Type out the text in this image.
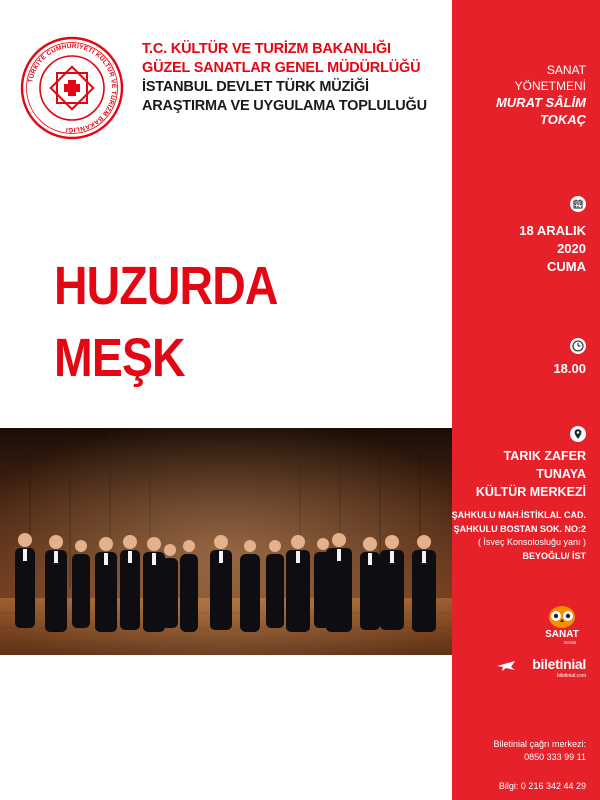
TÜRKİYE CUMHURİYETİ KÜLTÜR VE TURİZM BAKANLIĞI
T.C. KÜLTÜR VE TURİZM BAKANLIĞI
GÜZEL SANATLAR GENEL MÜDÜRLÜĞÜ
İSTANBUL DEVLET TÜRK MÜZİĞİ
ARAŞTIRMA VE UYGULAMA TOPLULUĞU
HUZURDA
MEŞK
SANAT
YÖNETMENİ
MURAT SÂLİM
TOKAÇ
18 ARALIK
2020
CUMA
18.00
TARIK ZAFER
TUNAYA
KÜLTÜR MERKEZİ
ŞAHKULU MAH.İSTİKLAL CAD.
ŞAHKULU BOSTAN SOK. NO:2
( İsveç Konsolosluğu yanı )
BEYOĞLU/ İST
SANAT
Gezisi
biletinial
biletinial.com
Biletinial çağrı merkezi:
0850 333 99 11
Bilgi: 0 216 342 44 29
